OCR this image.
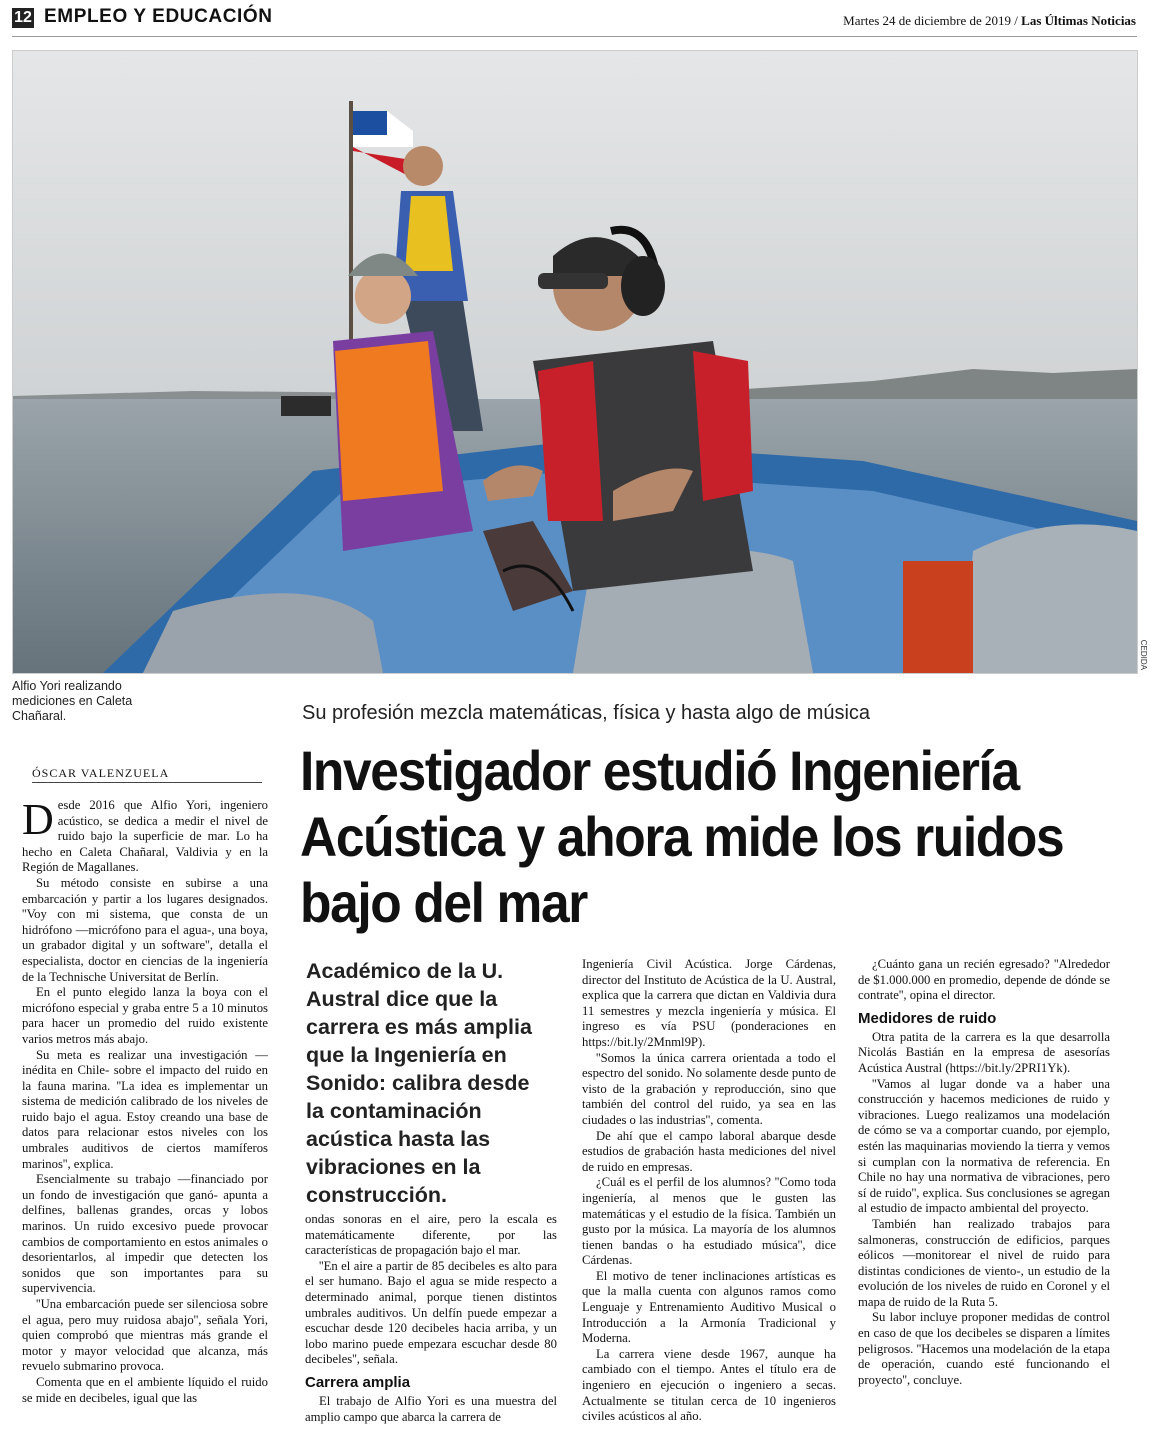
12 EMPLEO Y EDUCACIÓN	Martes 24 de diciembre de 2019 / Las Últimas Noticias
CEDIDA
Alfio Yori realizando mediciones en Caleta Chañaral.	Su profesión mezcla matemáticas, física y hasta algo de música
Investigador estudió Ingeniería Acústica y ahora mide los ruidos bajo del mar
ÓSCAR VALENZUELA

Desde 2016 que Alfio Yori, ingeniero acústico, se dedica a medir el nivel de ruido bajo la superficie de mar. Lo ha hecho en Caleta Chañaral, Valdivia y en la Región de Magallanes.

Su método consiste en subirse a una embarcación y partir a los lugares designados. ''Voy con mi sistema, que consta de un hidrófono —micrófono para el agua-, una boya, un grabador digital y un software'', detalla el especialista, doctor en ciencias de la ingeniería de la Technische Universitat de Berlín.

En el punto elegido lanza la boya con el micrófono especial y graba entre 5 a 10 minutos para hacer un promedio del ruido existente varios metros más abajo.

Su meta es realizar una investigación —inédita en Chile- sobre el impacto del ruido en la fauna marina. ''La idea es implementar un sistema de medición calibrado de los niveles de ruido bajo el agua. Estoy creando una base de datos para relacionar estos niveles con los umbrales auditivos de ciertos mamíferos marinos'', explica.

Esencialmente su trabajo —financiado por un fondo de investigación que ganó- apunta a delfines, ballenas grandes, orcas y lobos marinos. Un ruido excesivo puede provocar cambios de comportamiento en estos animales o desorientarlos, al impedir que detecten los sonidos que son importantes para su supervivencia.

''Una embarcación puede ser silenciosa sobre el agua, pero muy ruidosa abajo'', señala Yori, quien comprobó que mientras más grande el motor y mayor velocidad que alcanza, más revuelo submarino provoca.

Comenta que en el ambiente líquido el ruido se mide en decibeles, igual que las

Académico de la U. Austral dice que la carrera es más amplia que la Ingeniería en Sonido: calibra desde la contaminación acústica hasta las vibraciones en la construcción.

ondas sonoras en el aire, pero la escala es matemáticamente diferente, por las características de propagación bajo el mar.

''En el aire a partir de 85 decibeles es alto para el ser humano. Bajo el agua se mide respecto a determinado animal, porque tienen distintos umbrales auditivos. Un delfín puede empezar a escuchar desde 120 decibeles hacia arriba, y un lobo marino puede empezara escuchar desde 80 decibeles'', señala.

Carrera amplia

El trabajo de Alfio Yori es una muestra del amplio campo que abarca la carrera de

Ingeniería Civil Acústica. Jorge Cárdenas, director del Instituto de Acústica de la U. Austral, explica que la carrera que dictan en Valdivia dura 11 semestres y mezcla ingeniería y música. El ingreso es vía PSU (ponderaciones en https://bit.ly/2Mnml9P).

''Somos la única carrera orientada a todo el espectro del sonido. No solamente desde punto de visto de la grabación y reproducción, sino que también del control del ruido, ya sea en las ciudades o las industrias'', comenta.

De ahí que el campo laboral abarque desde estudios de grabación hasta mediciones del nivel de ruido en empresas.

¿Cuál es el perfil de los alumnos? ''Como toda ingeniería, al menos que le gusten las matemáticas y el estudio de la física. También un gusto por la música. La mayoría de los alumnos tienen bandas o ha estudiado música'', dice Cárdenas.

El motivo de tener inclinaciones artísticas es que la malla cuenta con algunos ramos como Lenguaje y Entrenamiento Auditivo Musical o Introducción a la Armonía Tradicional y Moderna.

La carrera viene desde 1967, aunque ha cambiado con el tiempo. Antes el título era de ingeniero en ejecución o ingeniero a secas. Actualmente se titulan cerca de 10 ingenieros civiles acústicos al año.

¿Cuánto gana un recién egresado? ''Alrededor de $1.000.000 en promedio, depende de dónde se contrate'', opina el director.

Medidores de ruido

Otra patita de la carrera es la que desarrolla Nicolás Bastián en la empresa de asesorías Acústica Austral (https://bit.ly/2PRI1Yk).

''Vamos al lugar donde va a haber una construcción y hacemos mediciones de ruido y vibraciones. Luego realizamos una modelación de cómo se va a comportar cuando, por ejemplo, estén las maquinarias moviendo la tierra y vemos si cumplan con la normativa de referencia. En Chile no hay una normativa de vibraciones, pero sí de ruido'', explica. Sus conclusiones se agregan al estudio de impacto ambiental del proyecto.

También han realizado trabajos para salmoneras, construcción de edificios, parques eólicos —monitorear el nivel de ruido para distintas condiciones de viento-, un estudio de la evolución de los niveles de ruido en Coronel y el mapa de ruido de la Ruta 5.

Su labor incluye proponer medidas de control en caso de que los decibeles se disparen a límites peligrosos. ''Hacemos una modelación de la etapa de operación, cuando esté funcionando el proyecto'', concluye.
